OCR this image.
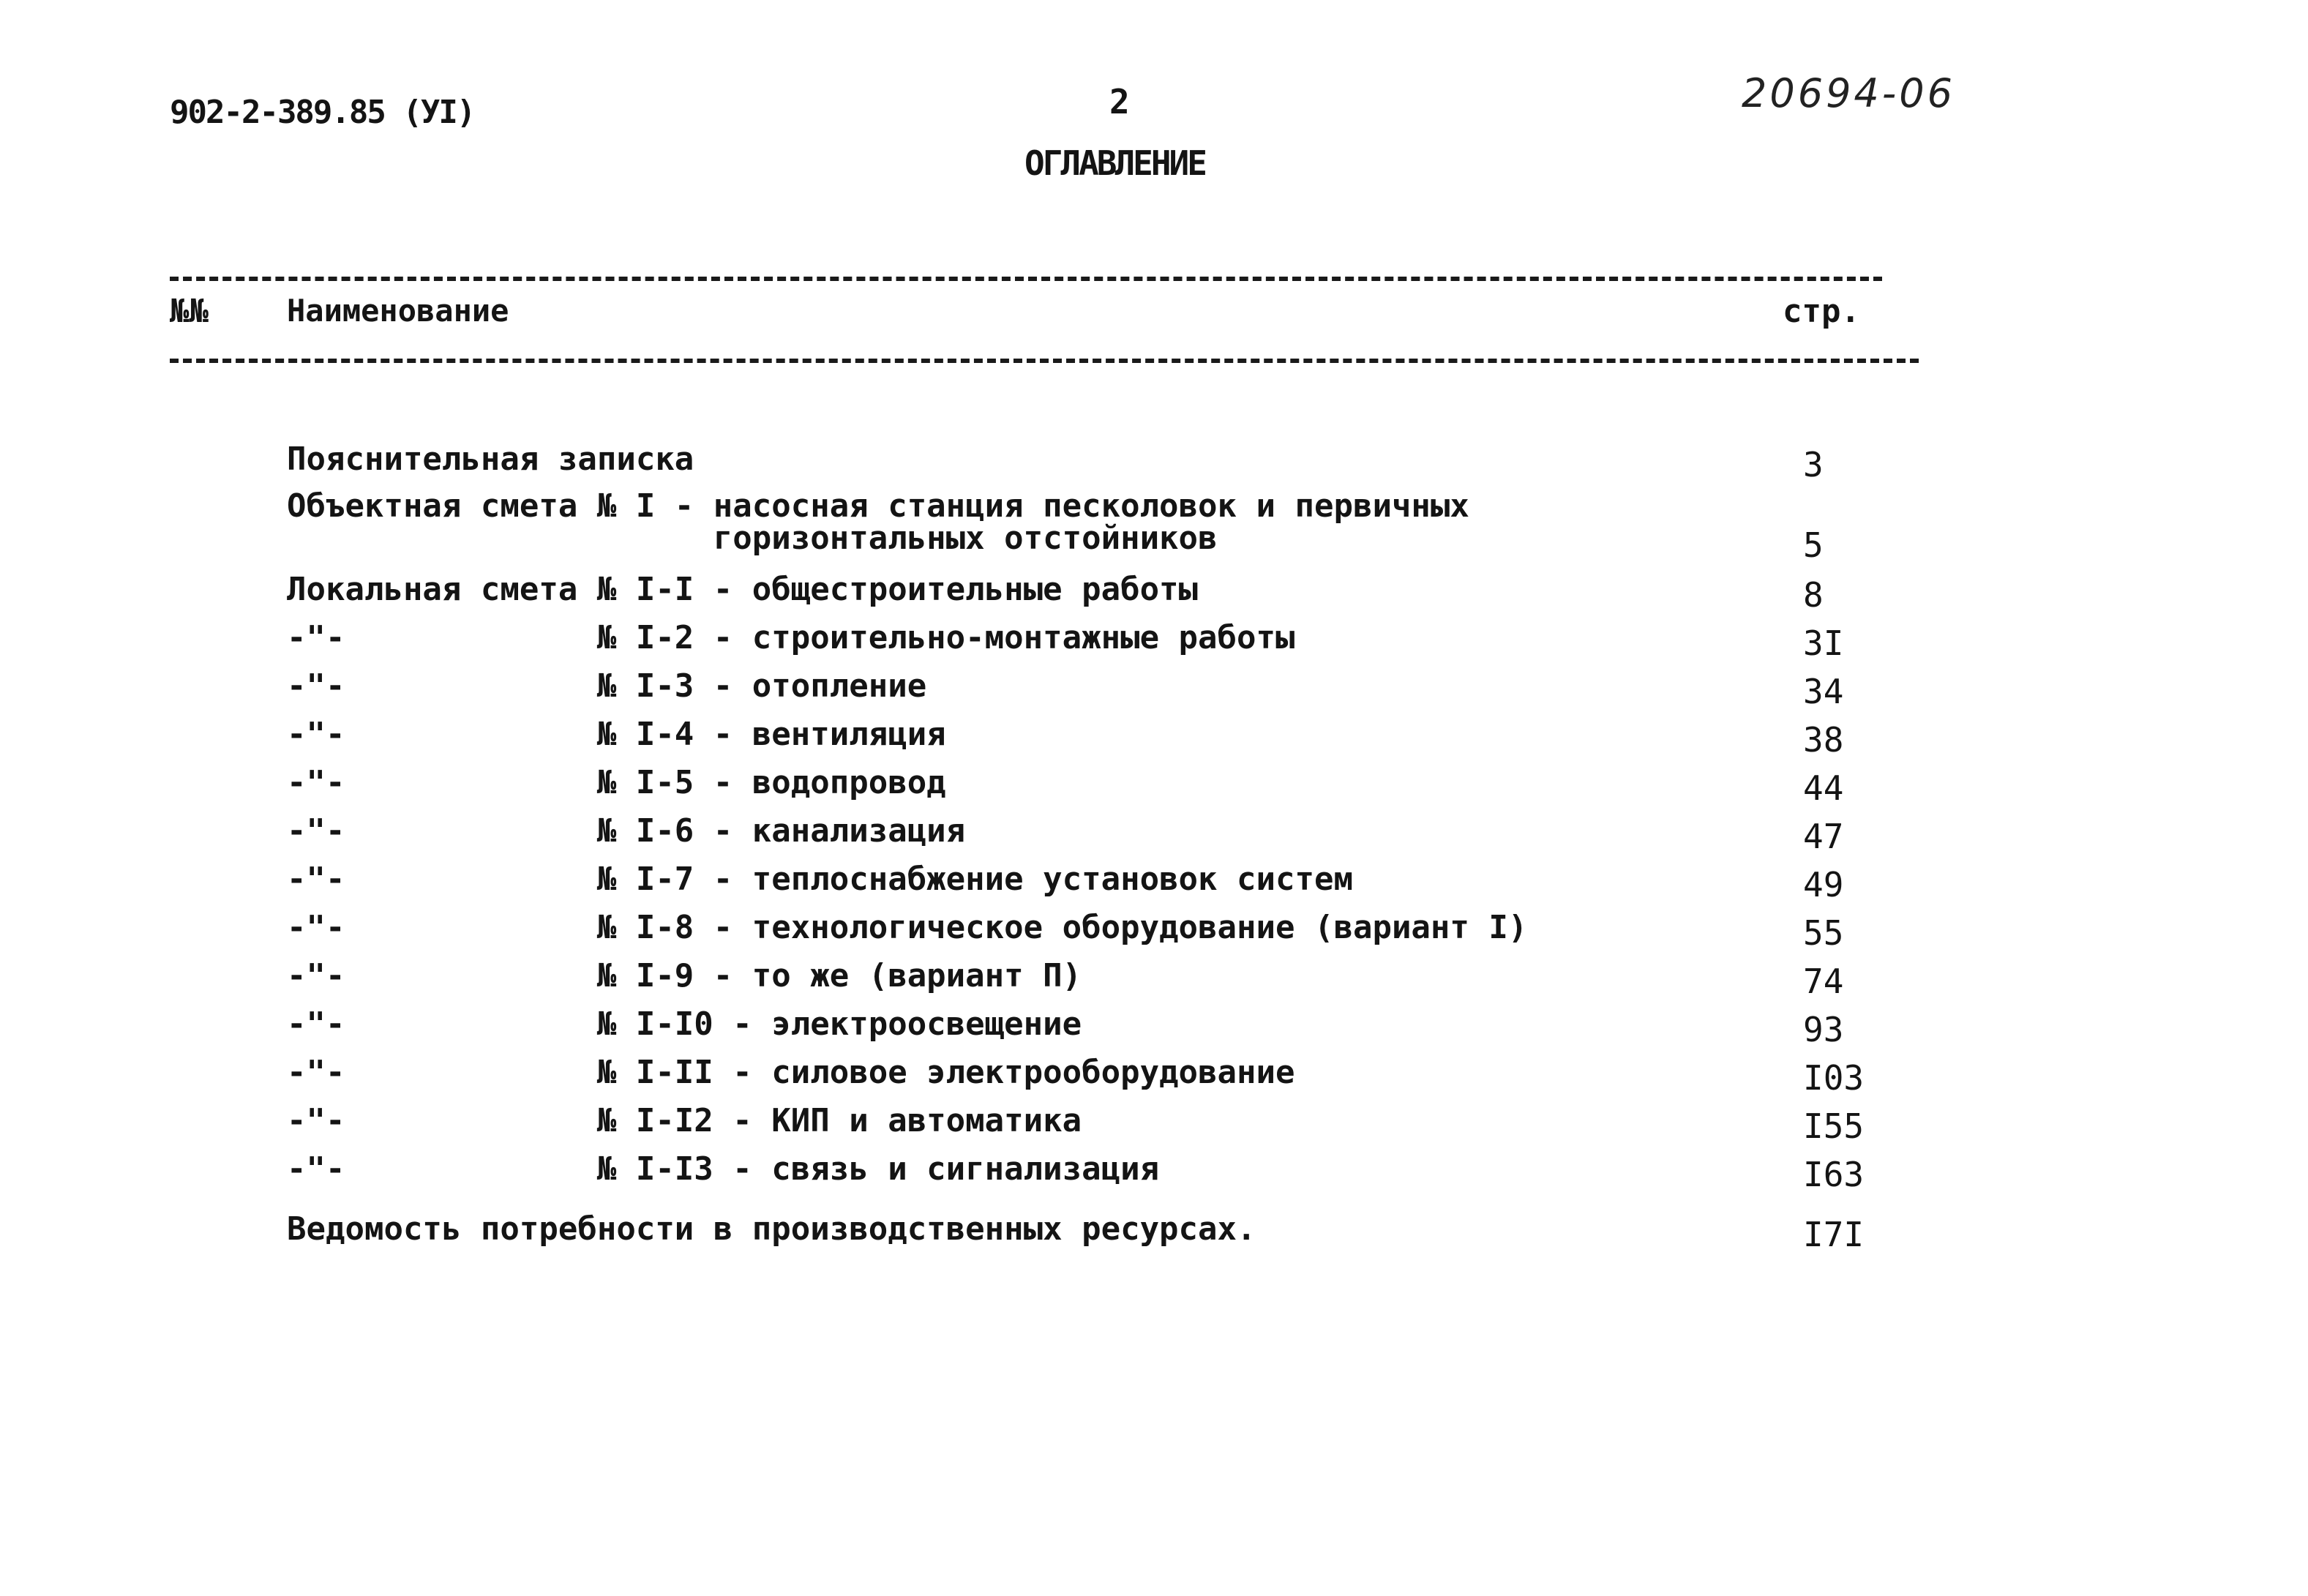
902-2-389.85 (УI)	2	20694-06
ОГЛАВЛЕНИЕ
№№	Наименование	стр.
Пояснительная записка	3
Объектная смета № I - насосная станция песколовок и первичных
горизонтальных отстойников	5
Локальная смета № I-I - общестроительные работы	8
-"-             № I-2 - строительно-монтажные работы	3I
-"-             № I-3 - отопление	34
-"-             № I-4 - вентиляция	38
-"-             № I-5 - водопровод	44
-"-             № I-6 - канализация	47
-"-             № I-7 - теплоснабжение установок систем	49
-"-             № I-8 - технологическое оборудование (вариант I)	55
-"-             № I-9 - то же (вариант П)	74
-"-             № I-I0 - электроосвещение	93
-"-             № I-II - силовое электрооборудование	I03
-"-             № I-I2 - КИП и автоматика	I55
-"-             № I-I3 - связь и сигнализация	I63
Ведомость потребности в производственных ресурсах.	I7I
